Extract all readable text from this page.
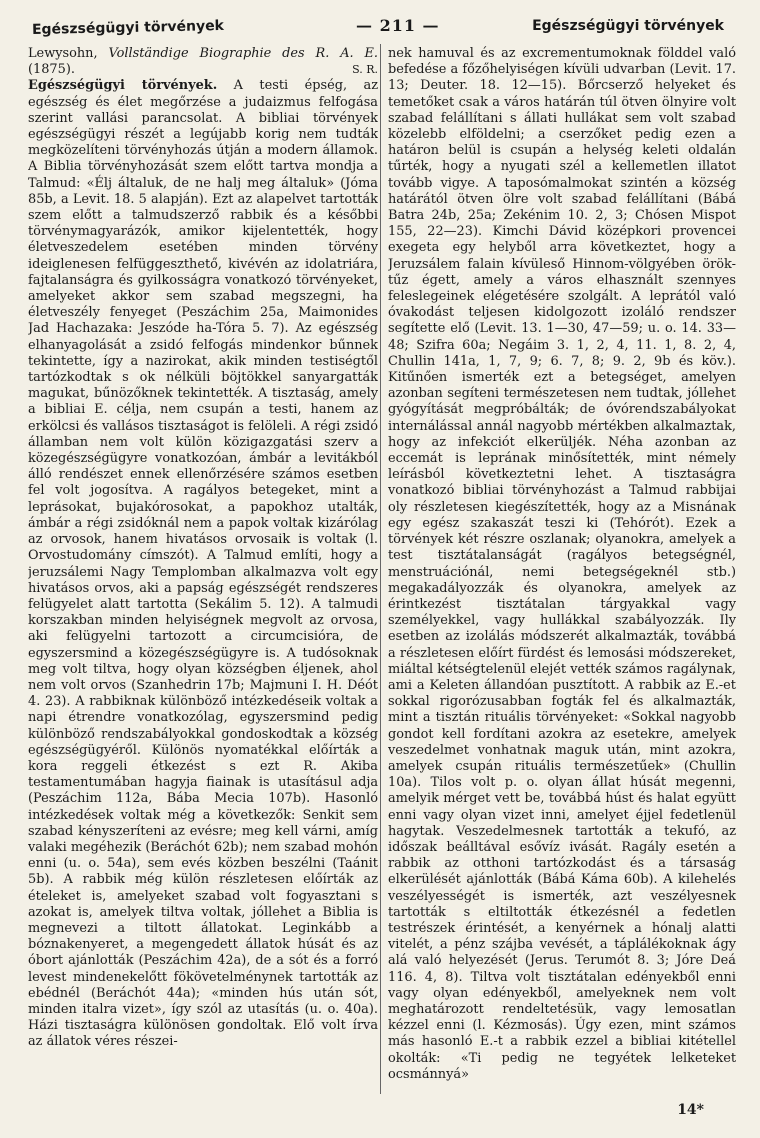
Egészségügyi törvények	— 211 —	Egészségügyi törvények

Lewysohn, Vollständige Biographie des R. A. E. (1875).	S. R.

Egészségügyi törvények. A testi épség, az egészség és élet megőrzése a judaizmus felfogása szerint vallási parancsolat. A bibliai törvények egészségügyi részét a legújabb korig nem tudták megközelíteni törvényhozás útján a modern államok. A Biblia törvényhozását szem előtt tartva mondja a Talmud: «Élj általuk, de ne halj meg általuk» (Jóma 85b, a Levit. 18. 5 alapján). Ezt az alapelvet tartották szem előtt a talmudszerző rabbik és a későbbi törvénymagyarázók, amikor kijelentették, hogy életveszedelem esetében minden törvény ideiglenesen felfüggeszthető, kivévén az idolatriára, fajtalanságra és gyilkosságra vonatkozó törvényeket, amelyeket akkor sem szabad megszegni, ha életveszély fenyeget (Peszáchim 25a, Maimonides Jad Hachazaka: Jeszóde ha-Tóra 5. 7). Az egészség elhanyagolását a zsidó felfogás mindenkor bűnnek tekintette, így a nazirokat, akik minden testiségtől tartózkodtak s ok nélküli böjtökkel sanyargatták magukat, bűnözőknek tekintették. A tisztaság, amely a bibliai E. célja, nem csupán a testi, hanem az erkölcsi és vallásos tisztaságot is felöleli. A régi zsidó államban nem volt külön közigazgatási szerv a közegészségügyre vonatkozóan, ámbár a levitákból álló rendészet ennek ellenőrzésére számos esetben fel volt jogosítva. A ragályos betegeket, mint a leprásokat, bujakórosokat, a papokhoz utalták, ámbár a régi zsidóknál nem a papok voltak kizárólag az orvosok, hanem hivatásos orvosaik is voltak (l. Orvostudomány címszót). A Talmud említi, hogy a jeruzsálemi Nagy Templomban alkalmazva volt egy hivatásos orvos, aki a papság egészségét rendszeres felügyelet alatt tartotta (Sekálim 5. 12). A talmudi korszakban minden helyiségnek megvolt az orvosa, aki felügyelni tartozott a circumcisióra, de egyszersmind a közegészségügyre is. A tudósoknak meg volt tiltva, hogy olyan községben éljenek, ahol nem volt orvos (Szanhedrin 17b; Majmuni I. H. Déót 4. 23). A rabbiknak különböző intézkedéseik voltak a napi étrendre vonatkozólag, egyszersmind pedig különböző rendszabályokkal gondoskodtak a község egészségügyéről. Különös nyomatékkal előírták a kora reggeli étkezést s ezt R. Akiba testamentumában hagyja fiainak is utasításul adja (Peszáchim 112a, Bába Mecia 107b). Hasonló intézkedések voltak még a következők: Senkit sem szabad kényszeríteni az evésre; meg kell várni, amíg valaki megéhezik (Beráchót 62b); nem szabad mohón enni (u. o. 54a), sem evés közben beszélni (Taánit 5b). A rabbik még külön részletesen előírták az ételeket is, amelyeket szabad volt fogyasztani s azokat is, amelyek tiltva voltak, jóllehet a Biblia is megnevezi a tiltott állatokat. Leginkább a bóznakenyeret, a megengedett állatok húsát és az óbort ajánlották (Peszáchim 42a), de a sót és a forró levest mindenekelőtt fökövetelménynek tartották az ebédnél (Beráchót 44a); «minden hús után sót, minden italra vizet», így szól az utasítás (u. o. 40a). Házi tisztaságra különösen gondoltak. Elő volt írva az állatok véres részei-

nek hamuval és az excrementumoknak földdel való befedése a főzőhelyiségen kívüli udvarban (Levit. 17. 13; Deuter. 18. 12—15). Bőrcserző helyeket és temetőket csak a város határán túl ötven ölnyire volt szabad felállítani s állati hullákat sem volt szabad közelebb elföldelni; a cserzőket pedig ezen a határon belül is csupán a helység keleti oldalán tűrték, hogy a nyugati szél a kellemetlen illatot tovább vigye. A taposómalmokat szintén a község határától ötven ölre volt szabad felállítani (Bábá Batra 24b, 25a; Zekénim 10. 2, 3; Chósen Mispot 155, 22—23). Kimchi Dávid középkori provencei exegeta egy helyből arra következtet, hogy a Jeruzsálem falain kívüleső Hinnom-völgyében örök-tűz égett, amely a város elhasznált szennyes feleslegeinek elégetésére szolgált. A leprától való óvakodást teljesen kidolgozott izoláló rendszer segítette elő (Levit. 13. 1—30, 47—59; u. o. 14. 33—48; Szifra 60a; Negáim 3. 1, 2, 4, 11. 1, 8. 2, 4, Chullin 141a, 1, 7, 9; 6. 7, 8; 9. 2, 9b és köv.). Kitűnően ismerték ezt a betegséget, amelyen azonban segíteni természetesen nem tudtak, jóllehet gyógyítását megpróbálták; de óvórendszabályokat internálással annál nagyobb mértékben alkalmaztak, hogy az infekciót elkerüljék. Néha azonban az eccemát is leprának minősítették, mint némely leírásból következtetni lehet. A tisztaságra vonatkozó bibliai törvényhozást a Talmud rabbijai oly részletesen kiegészítették, hogy az a Misnának egy egész szakaszát teszi ki (Tehórót). Ezek a törvények két részre oszlanak; olyanokra, amelyek a test tisztátalanságát (ragályos betegségnél, menstruációnál, nemi betegségeknél stb.) megakadályozzák és olyanokra, amelyek az érintkezést tisztátalan tárgyakkal vagy személyekkel, vagy hullákkal szabályozzák. Ily esetben az izolálás módszerét alkalmazták, továbbá a részletesen előírt fürdést és lemosási módszereket, miáltal kétségtelenül elejét vették számos ragálynak, ami a Keleten állandóan pusztított. A rabbik az E.-et sokkal rigorózusabban fogták fel és alkalmazták, mint a tisztán rituális törvényeket: «Sokkal nagyobb gondot kell fordítani azokra az esetekre, amelyek veszedelmet vonhatnak maguk után, mint azokra, amelyek csupán rituális természetűek» (Chullin 10a). Tilos volt p. o. olyan állat húsát megenni, amelyik mérget vett be, továbbá húst és halat együtt enni vagy olyan vizet inni, amelyet éjjel fedetlenül hagytak. Veszedelmesnek tartották a tekufó, az időszak beálltával esővíz ivását. Ragály esetén a rabbik az otthoni tartózkodást és a társaság elkerülését ajánlották (Bábá Káma 60b). A kilehelés veszélyességét is ismerték, azt veszélyesnek tartották s eltiltották étkezésnél a fedetlen testrészek érintését, a kenyérnek a hónalj alatti vitelét, a pénz szájba vevését, a táplálékoknak ágy alá való helyezését (Jerus. Terumót 8. 3; Jóre Deá 116. 4, 8). Tiltva volt tisztátalan edényekből enni vagy olyan edényekből, amelyeknek nem volt meghatározott rendeltetésük, vagy lemosatlan kézzel enni (l. Kézmosás). Úgy ezen, mint számos más hasonló E.-t a rabbik ezzel a bibliai kitétellel okolták: «Ti pedig ne tegyétek lelketeket ocsmánnyá»

14*
